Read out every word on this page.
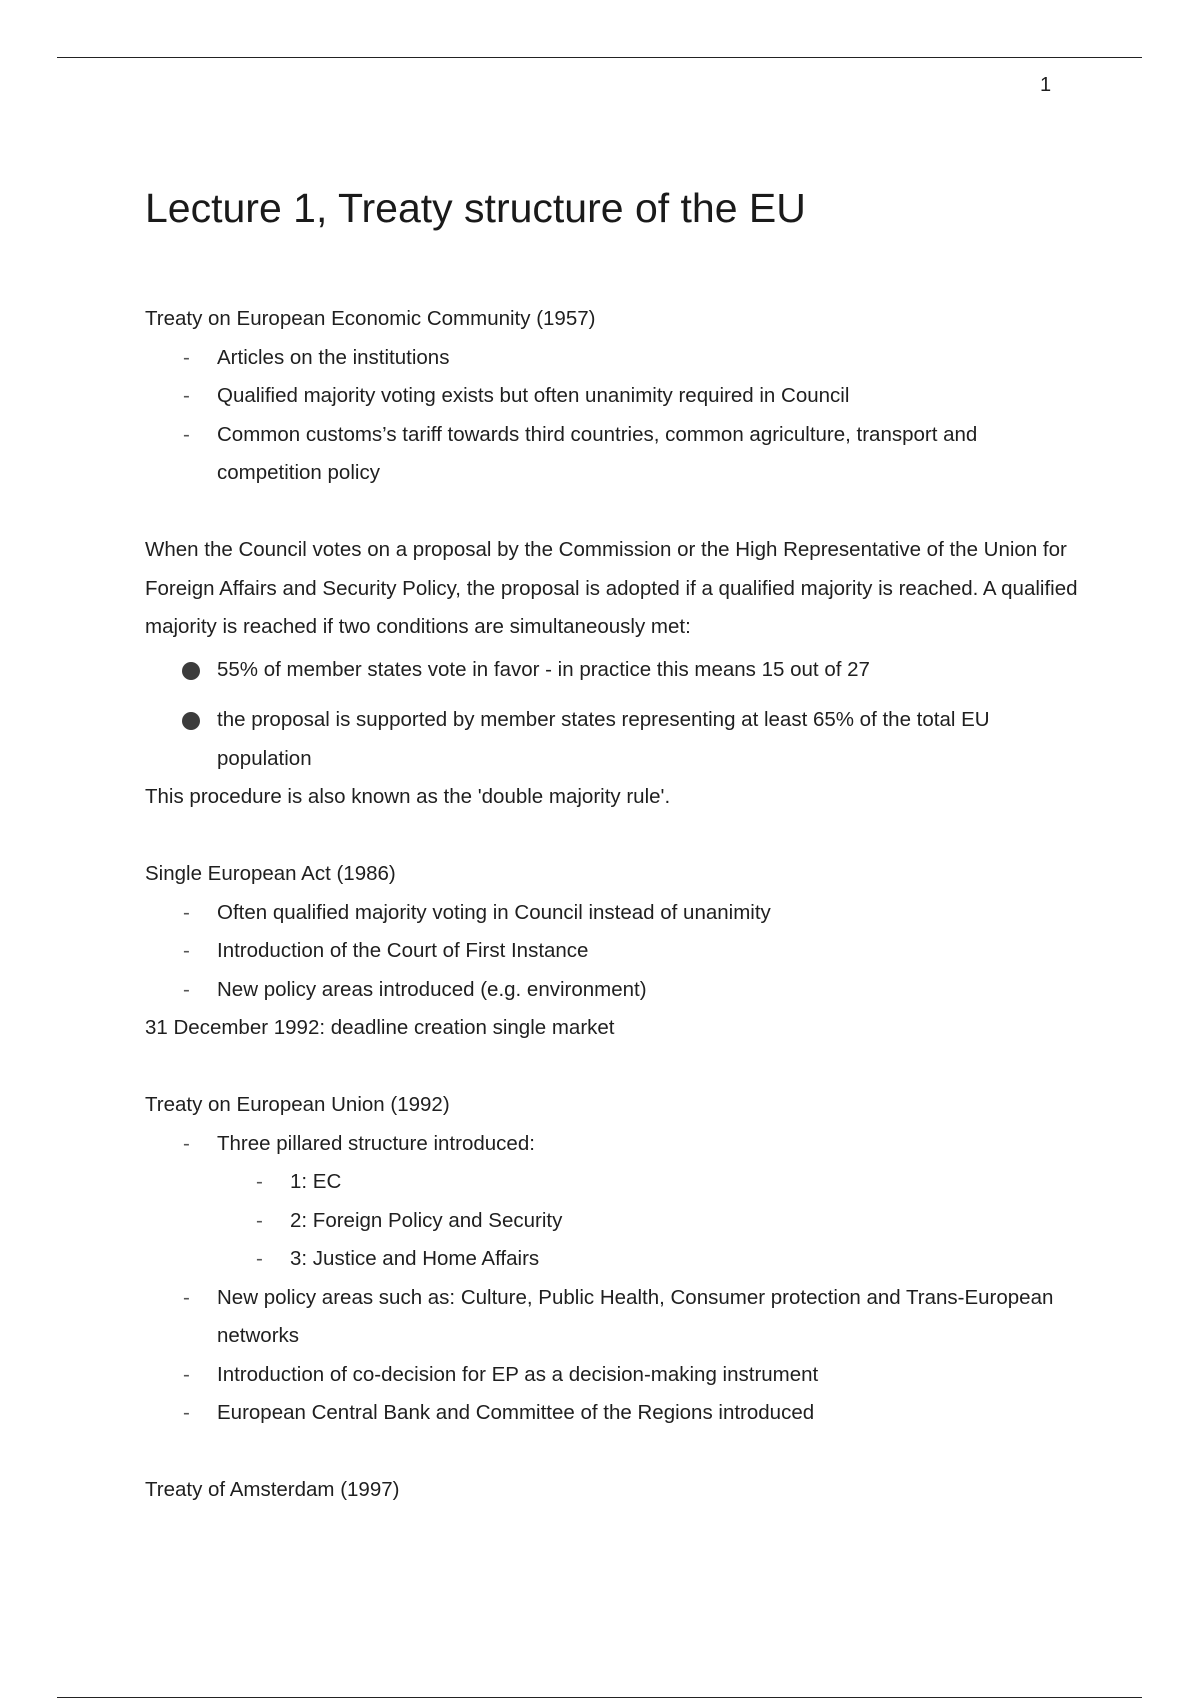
1
Lecture 1, Treaty structure of the EU
Treaty on European Economic Community (1957)
- Articles on the institutions
- Qualified majority voting exists but often unanimity required in Council
- Common customs’s tariff towards third countries, common agriculture, transport and competition policy

When the Council votes on a proposal by the Commission or the High Representative of the Union for Foreign Affairs and Security Policy, the proposal is adopted if a qualified majority is reached. A qualified majority is reached if two conditions are simultaneously met:

55% of member states vote in favor - in practice this means 15 out of 27
the proposal is supported by member states representing at least 65% of the total EU population
This procedure is also known as the 'double majority rule'.
Single European Act (1986)
- Often qualified majority voting in Council instead of unanimity
- Introduction of the Court of First Instance
- New policy areas introduced (e.g. environment)
31 December 1992: deadline creation single market
Treaty on European Union (1992)
- Three pillared structure introduced:
- 1: EC
- 2: Foreign Policy and Security
- 3: Justice and Home Affairs
- New policy areas such as: Culture, Public Health, Consumer protection and Trans-European networks
- Introduction of co-decision for EP as a decision-making instrument
- European Central Bank and Committee of the Regions introduced
Treaty of Amsterdam (1997)
